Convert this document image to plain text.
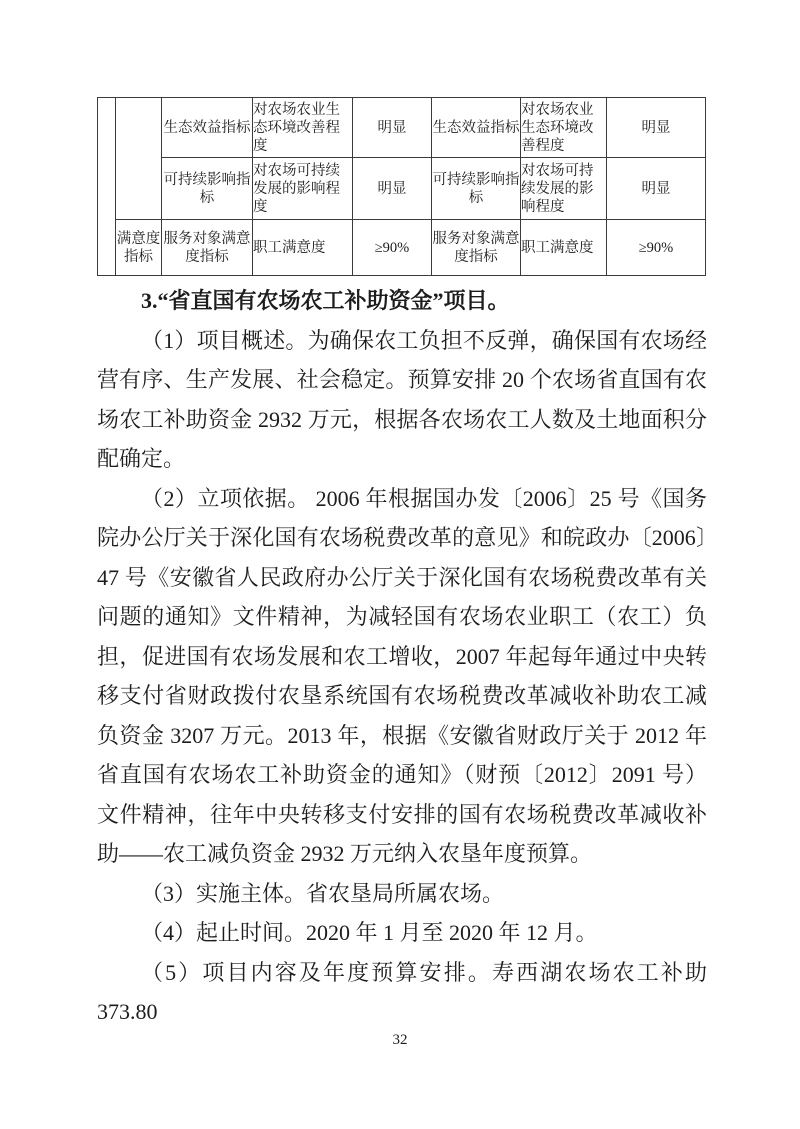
		生态效益指标	对农场农业生态环境改善程度	明显	生态效益指标	对农场农业生态环境改善程度	明显
		可持续影响指标	对农场可持续发展的影响程度	明显	可持续影响指标	对农场可持续发展的影响程度	明显
	满意度指标	服务对象满意度指标	职工满意度	≥90%	服务对象满意度指标	职工满意度	≥90%

3.“省直国有农场农工补助资金”项目。

（1）项目概述。为确保农工负担不反弹，确保国有农场经营有序、生产发展、社会稳定。预算安排 20 个农场省直国有农场农工补助资金 2932 万元，根据各农场农工人数及土地面积分配确定。

（2）立项依据。 2006 年根据国办发〔2006〕25 号《国务院办公厅关于深化国有农场税费改革的意见》和皖政办〔2006〕47 号《安徽省人民政府办公厅关于深化国有农场税费改革有关问题的通知》文件精神，为减轻国有农场农业职工（农工）负担，促进国有农场发展和农工增收，2007 年起每年通过中央转移支付省财政拨付农垦系统国有农场税费改革减收补助农工减负资金 3207 万元。2013 年，根据《安徽省财政厅关于 2012 年省直国有农场农工补助资金的通知》（财预〔2012〕2091 号）文件精神，往年中央转移支付安排的国有农场税费改革减收补助——农工减负资金 2932 万元纳入农垦年度预算。

（3）实施主体。省农垦局所属农场。

（4）起止时间。2020 年 1 月至 2020 年 12 月。

（5）项目内容及年度预算安排。寿西湖农场农工补助 373.80

32
